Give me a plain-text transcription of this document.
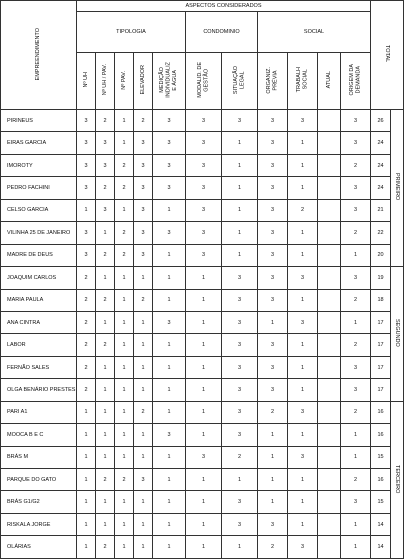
EMPREENDIMENTO	ASPECTOS CONSIDERADOS											TOTAL	
	TIPOLOGIA					CONDOMINIO		SOCIAL					

	Nº UH	Nº UH / PAV.	Nº PAV.	ELEVADOR	MEDIÇÃO INDIVIDUALIZ E ÁGUA	MODALID. DE GESTÃO	SITUAÇÃO LEGAL	ORGANIZ. PRÉVIA	TRABALH SOCIAL	ATUAL	ORIGEM DA DEMANDA		

PIRINEUS	3	2	1	2	3	3	3	3	3		3	26	PRIMEIRO
EIRAS GARCIA	3	3	1	3	3	3	1	3	1		3	24	
IMOROTY	3	3	2	3	3	3	1	3	1		2	24	
PEDRO FACHINI	3	2	2	3	3	3	1	3	1		3	24	
CELSO GARCIA	1	3	1	3	1	3	1	3	2		3	21	
VILINHA 25 DE JANEIRO	3	1	2	3	3	3	1	3	1		2	22	
MADRE DE DEUS	3	2	2	3	1	3	1	3	1		1	20	
JOAQUIM CARLOS	2	1	1	1	1	1	3	3	3		3	19	SEGUNDO
MARIA PAULA	2	2	1	2	1	1	3	3	1		2	18	
ANA CINTRA	2	1	1	1	3	1	3	1	3		1	17	
LABOR	2	2	1	1	1	1	3	3	1		2	17	
FERNÃO SALES	2	1	1	1	1	1	3	3	1		3	17	
OLGA BENÁRIO PRESTES	2	1	1	1	1	1	3	3	1		3	17	
PARI A1	1	1	1	2	1	1	3	2	3		2	16	TERCEIRO
MOOCA B E C	1	1	1	1	3	1	3	1	1		1	16	
BRÁS M	1	1	1	1	1	3	2	1	3		1	15	
PARQUE DO GATO	1	2	2	3	1	1	1	1	1		2	16	
BRÁS G1/G2	1	1	1	1	1	1	3	1	1		3	15	
RISKALA JORGE	1	1	1	1	1	1	3	3	1		1	14	
OLÁRIAS	1	2	1	1	1	1	1	2	3		1	14	
